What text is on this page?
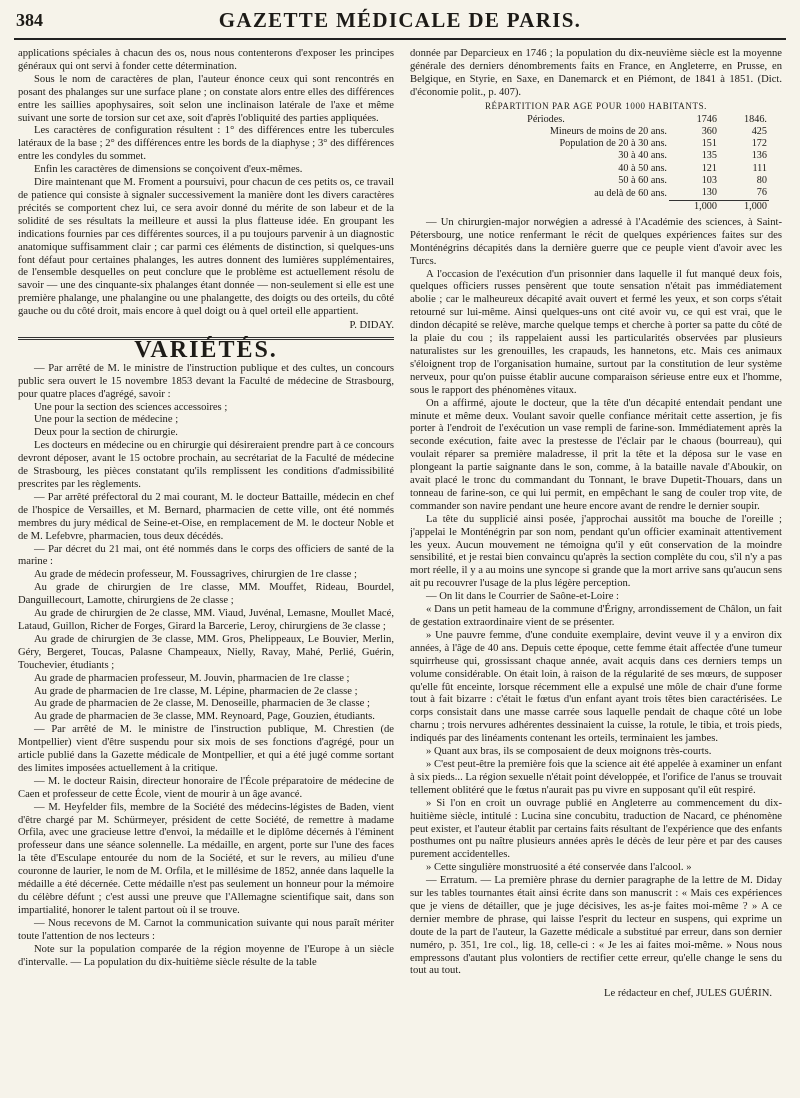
384	GAZETTE MÉDICALE DE PARIS.

applications spéciales à chacun des os, nous nous contenterons d'exposer les principes généraux qui ont servi à fonder cette détermination.

Sous le nom de caractères de plan, l'auteur énonce ceux qui sont rencontrés en posant des phalanges sur une surface plane ; on constate alors entre elles des différences entre les saillies apophysaires, soit selon une inclinaison latérale de l'axe et même suivant une sorte de torsion sur cet axe, soit d'après l'obliquité des parties appliquées.

Les caractères de configuration résultent : 1° des différences entre les tubercules latéraux de la base ; 2° des différences entre les bords de la diaphyse ; 3° des différences entre les condyles du sommet.

Enfin les caractères de dimensions se conçoivent d'eux-mêmes.

Dire maintenant que M. Froment a poursuivi, pour chacun de ces petits os, ce travail de patience qui consiste à signaler successivement la manière dont les divers caractères précités se comportent chez lui, ce sera avoir donné du mérite de son labeur et de la solidité de ses résultats la meilleure et aussi la plus flatteuse idée. En groupant les indications fournies par ces différentes sources, il a pu toujours parvenir à un diagnostic anatomique suffisamment clair ; car parmi ces éléments de distinction, si quelques-uns font défaut pour certaines phalanges, les autres donnent des lumières supplémentaires, de l'ensemble desquelles on peut conclure que le problème est actuellement résolu de savoir — une des cinquante-six phalanges étant donnée — non-seulement si elle est une première phalange, une phalangine ou une phalangette, des doigts ou des orteils, du côté gauche ou du côté droit, mais encore à quel doigt ou à quel orteil elle appartient.

P. DIDAY.

VARIÉTÉS.

— Par arrêté de M. le ministre de l'instruction publique et des cultes, un concours public sera ouvert le 15 novembre 1853 devant la Faculté de médecine de Strasbourg, pour quatre places d'agrégé, savoir :

Une pour la section des sciences accessoires ;

Une pour la section de médecine ;

Deux pour la section de chirurgie.

Les docteurs en médecine ou en chirurgie qui désireraient prendre part à ce concours devront déposer, avant le 15 octobre prochain, au secrétariat de la Faculté de médecine de Strasbourg, les pièces constatant qu'ils remplissent les conditions d'admissibilité prescrites par les règlements.

— Par arrêté préfectoral du 2 mai courant, M. le docteur Battaille, médecin en chef de l'hospice de Versailles, et M. Bernard, pharmacien de cette ville, ont été nommés membres du jury médical de Seine-et-Oise, en remplacement de M. le docteur Noble et de M. Lefebvre, pharmacien, tous deux décédés.

— Par décret du 21 mai, ont été nommés dans le corps des officiers de santé de la marine :

Au grade de médecin professeur, M. Foussagrives, chirurgien de 1re classe ;

Au grade de chirurgien de 1re classe, MM. Mouffet, Rideau, Bourdel, Danguillecourt, Lamotte, chirurgiens de 2e classe ;

Au grade de chirurgien de 2e classe, MM. Viaud, Juvénal, Lemasne, Moullet Macé, Lataud, Guillon, Richer de Forges, Girard la Barcerie, Leroy, chirurgiens de 3e classe ;

Au grade de chirurgien de 3e classe, MM. Gros, Phelippeaux, Le Bouvier, Merlin, Géry, Bergeret, Toucas, Palasne Champeaux, Nielly, Ravay, Mahé, Perlié, Guérin, Touchevier, étudiants ;

Au grade de pharmacien professeur, M. Jouvin, pharmacien de 1re classe ;

Au grade de pharmacien de 1re classe, M. Lépine, pharmacien de 2e classe ;

Au grade de pharmacien de 2e classe, M. Denoseille, pharmacien de 3e classe ;

Au grade de pharmacien de 3e classe, MM. Reynoard, Page, Gouzien, étudiants.

— Par arrêté de M. le ministre de l'instruction publique, M. Chrestien (de Montpellier) vient d'être suspendu pour six mois de ses fonctions d'agrégé, pour un article publié dans la Gazette médicale de Montpellier, et qui a été jugé comme sortant des limites imposées actuellement à la critique.

— M. le docteur Raisin, directeur honoraire de l'École préparatoire de médecine de Caen et professeur de cette École, vient de mourir à un âge avancé.

— M. Heyfelder fils, membre de la Société des médecins-légistes de Baden, vient d'être chargé par M. Schürmeyer, président de cette Société, de remettre à madame Orfila, avec une gracieuse lettre d'envoi, la médaille et le diplôme décernés à l'éminent professeur dans une séance solennelle. La médaille, en argent, porte sur l'une des faces la tête d'Esculape entourée du nom de la Société, et sur le revers, au milieu d'une couronne de laurier, le nom de M. Orfila, et le millésime de 1852, année dans laquelle la médaille a été décernée. Cette médaille n'est pas seulement un honneur pour la mémoire du célèbre défunt ; c'est aussi une preuve que l'Allemagne scientifique sait, dans son impartialité, honorer le talent partout où il se trouve.

— Nous recevons de M. Carnot la communication suivante qui nous paraît mériter toute l'attention de nos lecteurs :

Note sur la population comparée de la région moyenne de l'Europe à un siècle d'intervalle. — La population du dix-huitième siècle résulte de la table

donnée par Deparcieux en 1746 ; la population du dix-neuvième siècle est la moyenne générale des derniers dénombrements faits en France, en Angleterre, en Prusse, en Belgique, en Styrie, en Saxe, en Danemarck et en Piémont, de 1841 à 1851. (Dict. d'économie polit., p. 407).

RÉPARTITION PAR AGE POUR 1000 HABITANTS.

Périodes.	1746	1846.
Mineurs de moins de 20 ans.	360	425
Population de 20 à 30 ans.	151	172
30 à 40 ans.	135	136
40 à 50 ans.	121	111
50 à 60 ans.	103	80
au delà de 60 ans.	130	76
	1,000	1,000

— Un chirurgien-major norwégien a adressé à l'Académie des sciences, à Saint-Pétersbourg, une notice renfermant le récit de quelques expériences faites sur des Monténégrins décapités dans la dernière guerre que ce peuple vient d'avoir avec les Turcs.

A l'occasion de l'exécution d'un prisonnier dans laquelle il fut manqué deux fois, quelques officiers russes pensèrent que toute sensation n'était pas immédiatement abolie ; car le malheureux décapité avait ouvert et fermé les yeux, et son corps s'était retourné sur lui-même. Ainsi quelques-uns ont cité avoir vu, ce qui est vrai, que le dindon décapité se relève, marche quelque temps et cherche à porter sa patte du côté de la plaie du cou ; ils rappelaient aussi les particularités observées par plusieurs naturalistes sur les grenouilles, les crapauds, les hannetons, etc. Mais ces animaux s'éloignent trop de l'organisation humaine, surtout par la constitution de leur système nerveux, pour qu'on puisse établir aucune comparaison sérieuse entre eux et l'homme, sous le rapport des phénomènes vitaux.

On a affirmé, ajoute le docteur, que la tête d'un décapité entendait pendant une minute et même deux. Voulant savoir quelle confiance méritait cette assertion, je fis porter à l'endroit de l'exécution un vase rempli de farine-son. Immédiatement après la seconde exécution, faite avec la prestesse de l'éclair par le chaous (bourreau), qui voulait réparer sa première maladresse, il prit la tête et la déposa sur le vase en plongeant la partie saignante dans le son, comme, à la bataille navale d'Aboukir, on avait placé le tronc du commandant du Tonnant, le brave Dupetit-Thouars, dans un tonneau de farine-son, ce qui lui permit, en empêchant le sang de couler trop vite, de commander son navire pendant une heure encore avant de rendre le dernier soupir.

La tête du supplicié ainsi posée, j'approchai aussitôt ma bouche de l'oreille ; j'appelai le Monténégrin par son nom, pendant qu'un officier examinait attentivement les yeux. Aucun mouvement ne témoigna qu'il y eût conservation de la moindre sensibilité, et je restai bien convaincu qu'après la section complète du cou, s'il n'y a pas mort réelle, il y a au moins une syncope si grande que la mort arrive sans qu'aucun sens ait pu recouvrer l'usage de la plus légère perception.

— On lit dans le Courrier de Saône-et-Loire :

« Dans un petit hameau de la commune d'Érigny, arrondissement de Châlon, un fait de gestation extraordinaire vient de se présenter.

» Une pauvre femme, d'une conduite exemplaire, devint veuve il y a environ dix années, à l'âge de 40 ans. Depuis cette époque, cette femme était affectée d'une tumeur squirrheuse qui, grossissant chaque année, avait acquis dans ces derniers temps un volume considérable. On était loin, à raison de la régularité de ses mœurs, de supposer qu'elle fût enceinte, lorsque récemment elle a expulsé une môle de chair d'une forme tout à fait bizarre : c'était le fœtus d'un enfant ayant trois têtes bien caractérisées. Le corps consistait dans une masse carrée sous laquelle pendait de chaque côté un lobe charnu ; trois nervures adhérentes dessinaient la cuisse, la rotule, le tibia, et trois pieds, indiqués par des linéaments contenant les orteils, terminaient les jambes.

» Quant aux bras, ils se composaient de deux moignons très-courts.

» C'est peut-être la première fois que la science ait été appelée à examiner un enfant à six pieds... La région sexuelle n'était point développée, et l'orifice de l'anus se trouvait tellement oblitéré que le fœtus n'aurait pas pu vivre en supposant qu'il eût respiré.

» Si l'on en croit un ouvrage publié en Angleterre au commencement du dix-huitième siècle, intitulé : Lucina sine concubitu, traduction de Nacard, ce phénomène peut exister, et l'auteur établit par certains faits résultant de l'expérience que des enfants posthumes ont pu naître plusieurs années après le décès de leur père et par des causes purement accidentelles.

» Cette singulière monstruosité a été conservée dans l'alcool. »

— Erratum. — La première phrase du dernier paragraphe de la lettre de M. Diday sur les tables tournantes était ainsi écrite dans son manuscrit : « Mais ces expériences que je viens de détailler, que je juge décisives, les as-je faites moi-même ? » A ce dernier membre de phrase, qui laisse l'esprit du lecteur en suspens, qui exprime un doute de la part de l'auteur, la Gazette médicale a substitué par erreur, dans son dernier numéro, p. 351, 1re col., lig. 18, celle-ci : « Je les ai faites moi-même. » Nous nous empressons d'autant plus volontiers de rectifier cette erreur, qu'elle change le sens du tout au tout.

Le rédacteur en chef, JULES GUÉRIN.
